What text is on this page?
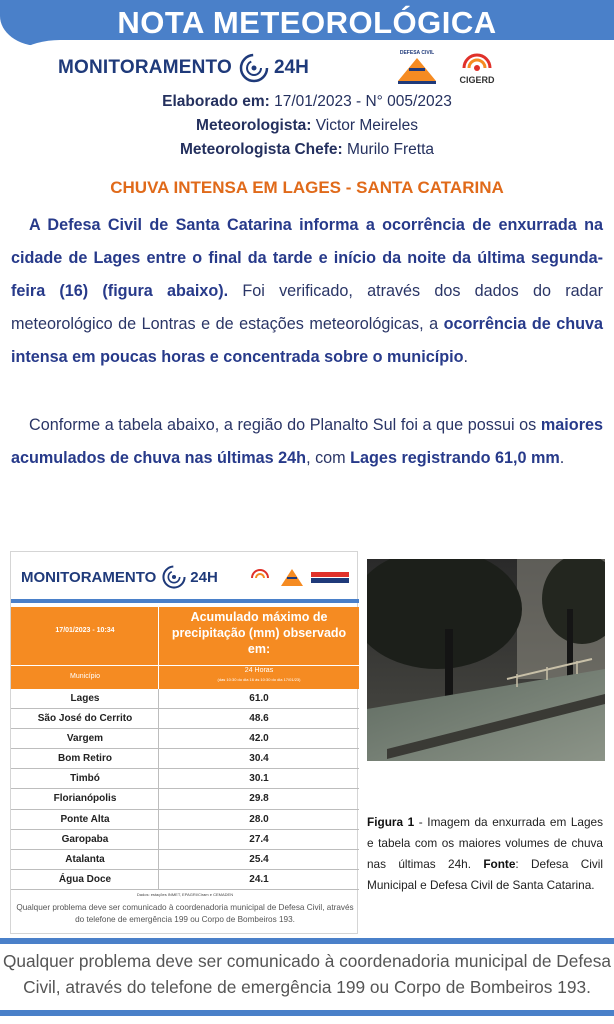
NOTA METEOROLÓGICA
MONITORAMENTO 24H
DEFESA CIVIL
CIGERD
Elaborado em: 17/01/2023 - N° 005/2023
Meteorologista: Victor Meireles
Meteorologista Chefe: Murilo Fretta
CHUVA INTENSA EM LAGES - SANTA CATARINA
A Defesa Civil de Santa Catarina informa a ocorrência de enxurrada na cidade de Lages entre o final da tarde e início da noite da última segunda-feira (16) (figura abaixo). Foi verificado, através dos dados do radar meteorológico de Lontras e de estações meteorológicas, a ocorrência de chuva intensa em poucas horas e concentrada sobre o município.
Conforme a tabela abaixo, a região do Planalto Sul foi a que possui os maiores acumulados de chuva nas últimas 24h, com Lages registrando 61,0 mm.
MONITORAMENTO 24H
17/01/2023 - 10:34
Acumulado máximo de precipitação (mm) observado em:
Município
24 Horas
(das 10:30 do dia 16 às 10:30 do dia 17/01/23)
Lages	61.0
São José do Cerrito	48.6
Vargem	42.0
Bom Retiro	30.4
Timbó	30.1
Florianópolis	29.8
Ponte Alta	28.0
Garopaba	27.4
Atalanta	25.4
Água Doce	24.1
Dados: estações INMET, EPAGRI/Ciram e CEMADEN
Qualquer problema deve ser comunicado à coordenadoria municipal de Defesa Civil, através do telefone de emergência 199 ou Corpo de Bombeiros 193.
Figura 1 - Imagem da enxurrada em Lages e tabela com os maiores volumes de chuva nas últimas 24h. Fonte: Defesa Civil Municipal e Defesa Civil de Santa Catarina.
Qualquer problema deve ser comunicado à coordenadoria municipal de Defesa Civil, através do telefone de emergência 199 ou Corpo de Bombeiros 193.
